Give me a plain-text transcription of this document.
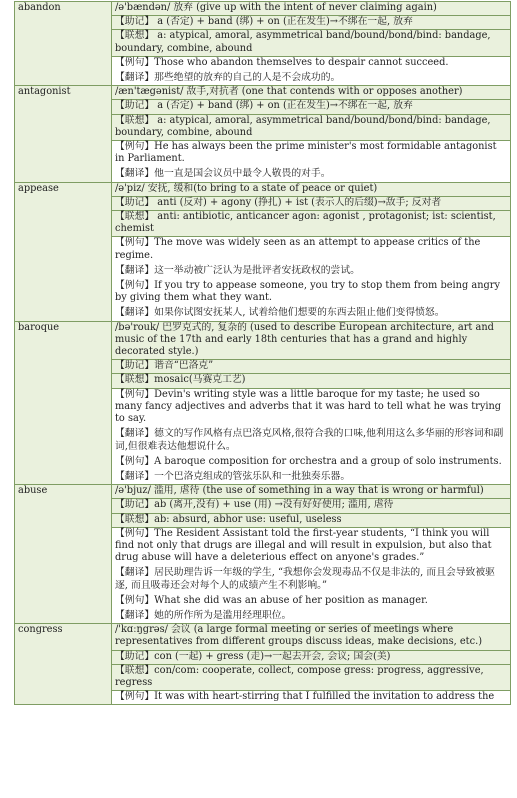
abandon	/ə'bændən/ 放弃 (give up with the intent of never claiming again)

	【助记】 a (否定) + band (绑) + on (正在发生)→不绑在一起, 放弃

	【联想】 a: atypical, amoral, asymmetrical band/bound/bond/bind: bandage, boundary, combine, abound

	【例句】Those who abandon themselves to despair cannot succeed.
【翻译】那些绝望的放弃的自己的人是不会成功的。

antagonist	/æn'tægənist/ 敌手,对抗者 (one that contends with or opposes another)

	【助记】 a (否定) + band (绑) + on (正在发生)→不绑在一起, 放弃

	【联想】 a: atypical, amoral, asymmetrical band/bound/bond/bind: bandage, boundary, combine, abound

	【例句】He has always been the prime minister's most formidable antagonist in Parliament.
【翻译】他一直是国会议员中最令人敬畏的对手。

appease	/ə'piz/ 安抚, 缓和(to bring to a state of peace or quiet)

	【助记】 anti (反对) + agony (挣扎) + ist (表示人的后缀)→敌手; 反对者

	【联想】 anti: antibiotic, anticancer agon: agonist , protagonist; ist: scientist, chemist

	【例句】The move was widely seen as an attempt to appease critics of the regime.
【翻译】这一举动被广泛认为是批评者安抚政权的尝试。
【例句】If you try to appease someone, you try to stop them from being angry by giving them what they want.
【翻译】如果你试图安抚某人, 试着给他们想要的东西去阻止他们变得愤怒。

baroque	/bə'rouk/ 巴罗克式的, 复杂的 (used to describe European architecture, art and music of the 17th and early 18th centuries that has a grand and highly decorated style.)

	【助记】谐音“巴洛克”

	【联想】mosaic(马赛克工艺)

	【例句】Devin's writing style was a little baroque for my taste; he used so many fancy adjectives and adverbs that it was hard to tell what he was trying to say.
【翻译】德文的写作风格有点巴洛克风格,很符合我的口味,他利用这么多华丽的形容词和副词,但很难表达他想说什么。
【例句】A baroque composition for orchestra and a group of solo instruments.
【翻译】一个巴洛克组成的管弦乐队和一批独奏乐器。

abuse	/ə'bjuz/ 滥用, 虐待 (the use of something in a way that is wrong or harmful)

	【助记】ab (离开,没有) + use (用) →没有好好使用; 滥用, 虐待

	【联想】ab: absurd, abhor use: useful, useless

	【例句】The Resident Assistant told the first-year students, “I think you will find not only that drugs are illegal and will result in expulsion, but also that drug abuse will have a deleterious effect on anyone's grades.”
【翻译】居民助理告诉一年级的学生, “我想你会发现毒品不仅是非法的, 而且会导致被驱逐, 而且吸毒还会对每个人的成绩产生不利影响。”
【例句】What she did was an abuse of her position as manager.
【翻译】她的所作所为是滥用经理职位。

congress	/'kɑːŋgrəs/ 会议 (a large formal meeting or series of meetings where representatives from different groups discuss ideas, make decisions, etc.)

	【助记】con (一起) + gress (走)→一起去开会, 会议; 国会(美)

	【联想】con/com: cooperate, collect, compose gress: progress, aggressive, regress

	【例句】It was with heart-stirring that I fulfilled the invitation to address the
